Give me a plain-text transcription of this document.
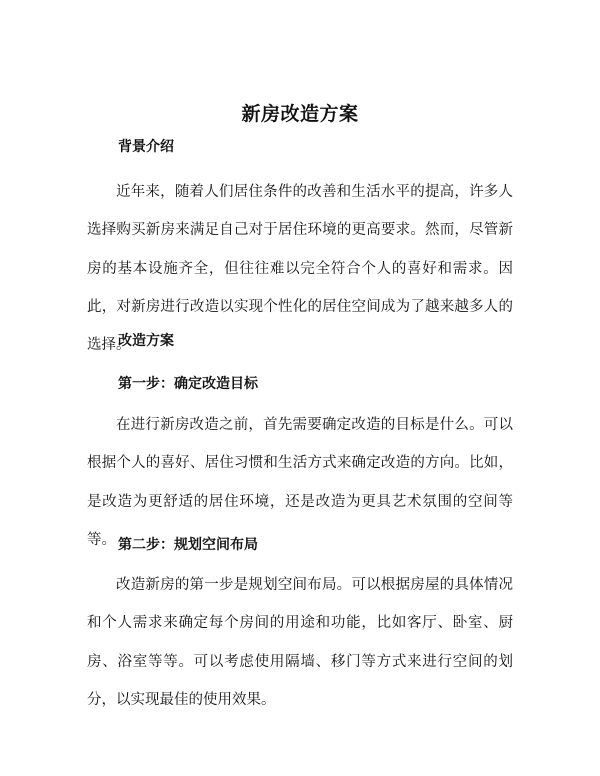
新房改造方案
背景介绍

近年来，随着人们居住条件的改善和生活水平的提高，许多人选择购买新房来满足自己对于居住环境的更高要求。然而，尽管新房的基本设施齐全，但往往难以完全符合个人的喜好和需求。因此，对新房进行改造以实现个性化的居住空间成为了越来越多人的选择。

改造方案
第一步：确定改造目标

在进行新房改造之前，首先需要确定改造的目标是什么。可以根据个人的喜好、居住习惯和生活方式来确定改造的方向。比如，是改造为更舒适的居住环境，还是改造为更具艺术氛围的空间等等。 第二步：规划空间布局

改造新房的第一步是规划空间布局。可以根据房屋的具体情况和个人需求来确定每个房间的用途和功能，比如客厅、卧室、厨房、浴室等等。可以考虑使用隔墙、移门等方式来进行空间的划分，以实现最佳的使用效果。
